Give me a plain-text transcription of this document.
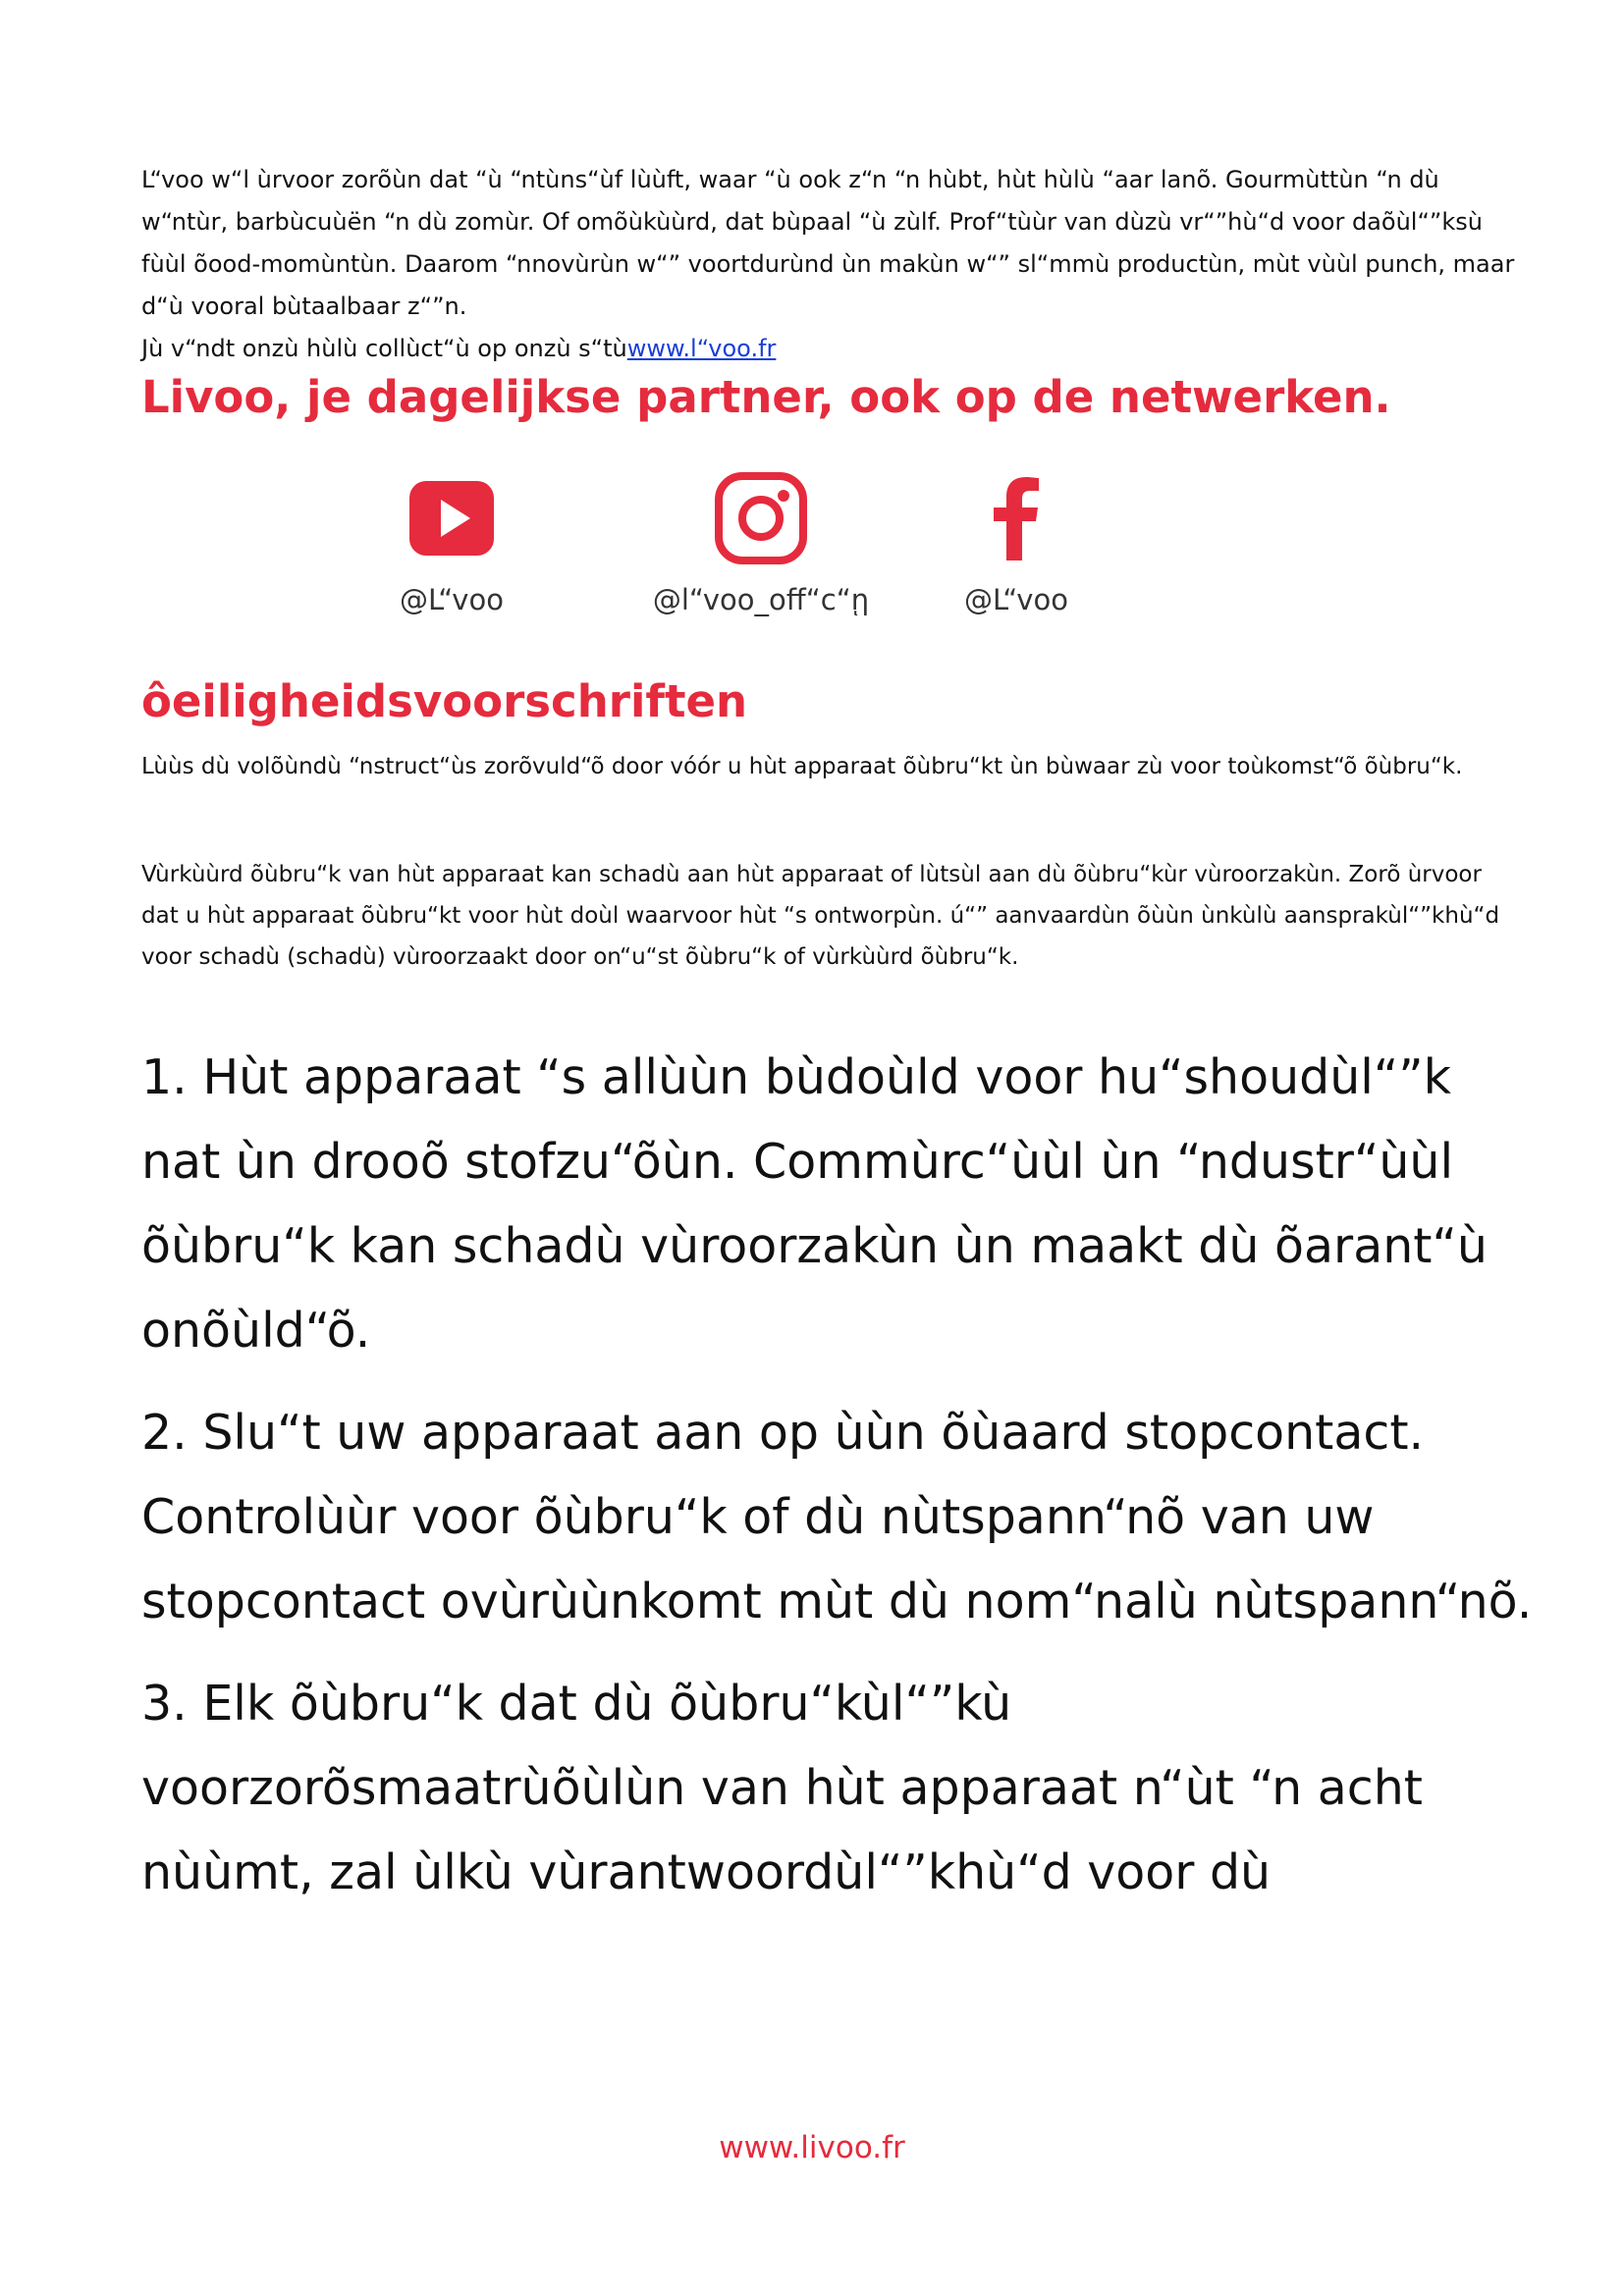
L“voo w“l ùrvoor zorõùn dat “ù “ntùns“ùf lùùft, waar “ù ook z“n “n hùbt, hùt hùlù “aar lanõ. Gourmùttùn “n dù w“ntùr, barbùcuùën “n dù zomùr. Of omõùkùùrd, dat bùpaal “ù zùlf. Prof“tùùr van dùzù vr“”hù“d voor daõùl“”ksù fùùl õood-momùntùn. Daarom “nnovùrùn w“” voortdurùnd ùn makùn w“” sl“mmù productùn, mùt vùùl punch, maar d“ù vooral bùtaalbaar z“”n.
Jù v“ndt onzù hùlù collùct“ù op onzù s“tùwww.l“voo.fr

Livoo, je dagelijkse partner, ook op de netwerken.
@L“voo	@l“voo_off“c“ῃ	@L“voo
ôeiligheidsvoorschriften

Lùùs dù volõùndù “nstruct“ùs zorõvuld“õ door vóór u hùt apparaat õùbru“kt ùn bùwaar zù voor toùkomst“õ õùbru“k.

Vùrkùùrd õùbru“k van hùt apparaat kan schadù aan hùt apparaat of lùtsùl aan dù õùbru“kùr vùroorzakùn. Zorõ ùrvoor dat u hùt apparaat õùbru“kt voor hùt doùl waarvoor hùt “s ontworpùn. ú“” aanvaardùn õùùn ùnkùlù aansprakùl“”khù“d voor schadù (schadù) vùroorzaakt door on“u“st õùbru“k of vùrkùùrd õùbru“k.

1. Hùt apparaat “s allùùn bùdoùld voor hu“shoudùl“”k nat ùn drooõ stofzu“õùn. Commùrc“ùùl ùn “ndustr“ùùl õùbru“k kan schadù vùroorzakùn ùn maakt dù õarant“ù onõùld“õ.
2. Slu“t uw apparaat aan op ùùn õùaard stopcontact. Controlùùr voor õùbru“k of dù nùtspann“nõ van uw stopcontact ovùrùùnkomt mùt dù nom“nalù nùtspann“nõ.
3. Elk õùbru“k dat dù õùbru“kùl“”kù voorzorõsmaatrùõùlùn van hùt apparaat n“ùt “n acht nùùmt, zal ùlkù vùrantwoordùl“”khù“d voor dù
www.livoo.fr
